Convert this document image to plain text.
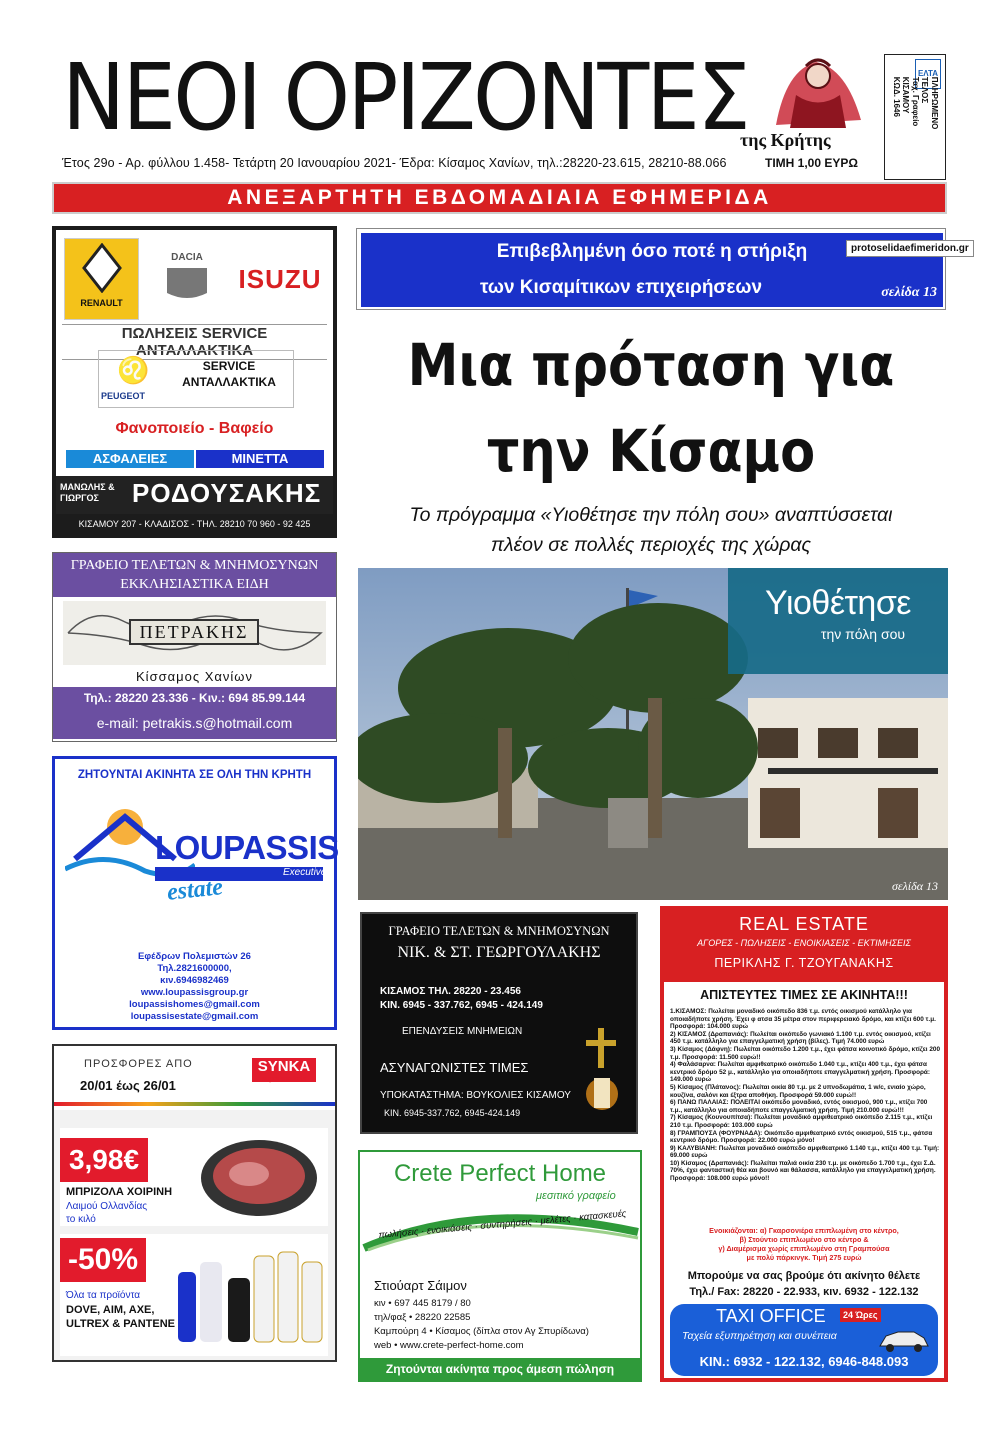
ΝΕΟΙ ΟΡΙΖΟΝΤΕΣ
της Κρήτης
ΕΛΤΑ
ΠΛΗΡΩΜΕΝΟ
ΤΕΛΟΣ
Ταχ. Γραφείο
ΚΙΣΑΜΟΥ
ΚΩΔ. 1646
Έτος 29ο - Αρ. φύλλου 1.458- Τετάρτη 20 Ιανουαρίου 2021- Έδρα: Κίσαμος Χανίων, τηλ.:28220-23.615, 28210-88.066	ΤΙΜΗ 1,00 ΕΥΡΩ
ΑΝΕΞΑΡΤΗΤΗ ΕΒΔΟΜΑΔΙΑΙΑ ΕΦΗΜΕΡΙΔΑ
Επιβεβλημένη όσο ποτέ η στήριξη
των Κισαμίτικων επιχειρήσεων	σελίδα 13
protoselidaefimeridon.gr
Μια πρόταση για
την Κίσαμο
Το πρόγραμμα «Υιοθέτησε την πόλη σου» αναπτύσσεται
πλέον σε πολλές περιοχές της χώρας
Υιοθέτησε
την πόλη σου
σελίδα 13
RENAULT
DACIA
ISUZU
ΠΩΛΗΣΕΙΣ SERVICE ΑΝΤΑΛΛΑΚΤΙΚΑ
♌
PEUGEOT
SERVICE
ΑΝΤΑΛΛΑΚΤΙΚΑ
Φανοποιείο - Βαφείο
ΑΣΦΑΛΕΙΕΣ	ΜΙΝΕΤΤΑ
ΜΑΝΩΛΗΣ & ΓΙΩΡΓΟΣ	ΡΟΔΟΥΣΑΚΗΣ
ΚΙΣΑΜΟΥ 207 - ΚΛΑΔΙΣΟΣ - ΤΗΛ. 28210 70 960 - 92 425
ΓΡΑΦΕΙΟ ΤΕΛΕΤΩΝ & ΜΝΗΜΟΣΥΝΩΝ
ΕΚΚΛΗΣΙΑΣΤΙΚΑ ΕΙΔΗ
ΠΕΤΡΑΚΗΣ
Κίσσαμος Χανίων
Τηλ.: 28220 23.336 - Κιν.: 694 85.99.144
e-mail: petrakis.s@hotmail.com
ΖΗΤΟΥΝΤΑΙ ΑΚΙΝΗΤΑ ΣΕ ΟΛΗ ΤΗΝ ΚΡΗΤΗ
LOUPASSIS
Executive
estate
Εφέδρων Πολεμιστών 26
Τηλ.2821600000,
κιν.6946982469
www.loupassisgroup.gr
loupassishomes@gmail.com
loupassisestate@gmail.com
ΠΡΟΣΦΟΡΕΣ ΑΠΟ
20/01 έως 26/01
SYNKA
super markets
3,98€
ΜΠΡΙΖΟΛΑ ΧΟΙΡΙΝΗ
Λαιμού Ολλανδίας
το κιλό
-50%
Όλα τα προϊόντα
DOVE, AIM, AXE,
ULTREX & PANTENE
ΓΡΑΦΕΙΟ ΤΕΛΕΤΩΝ & ΜΝΗΜΟΣΥΝΩΝ
ΝΙΚ. & ΣΤ. ΓΕΩΡΓΟΥΛΑΚΗΣ
ΚΙΣΑΜΟΣ ΤΗΛ. 28220 - 23.456
ΚΙΝ. 6945 - 337.762, 6945 - 424.149
ΕΠΕΝΔΥΣΕΙΣ ΜΝΗΜΕΙΩΝ
ΑΣΥΝΑΓΩΝΙΣΤΕΣ ΤΙΜΕΣ
ΥΠΟΚΑΤΑΣΤΗΜΑ: ΒΟΥΚΟΛΙΕΣ ΚΙΣΑΜΟΥ
ΚΙΝ. 6945-337.762, 6945-424.149
Crete Perfect Home
μεσιτικό γραφείο
πωλήσεις · ενοικιάσεις · συντηρήσεις · μελέτες · κατασκευές
Στιούαρτ Σάιμον
κιν • 697 445 8179 / 80
τηλ/φαξ • 28220 22585
Καμπούρη 4 • Κίσαμος (δίπλα στον Αγ Σπυρίδωνα)
web • www.crete-perfect-home.com
Ζητούνται ακίνητα προς άμεση πώληση
REAL ESTATE
ΑΓΟΡΕΣ - ΠΩΛΗΣΕΙΣ - ΕΝΟΙΚΙΑΣΕΙΣ - ΕΚΤΙΜΗΣΕΙΣ
ΠΕΡΙΚΛΗΣ Γ. ΤΖΟΥΓΑΝΑΚΗΣ
ΑΠΙΣΤΕΥΤΕΣ ΤΙΜΕΣ ΣΕ ΑΚΙΝΗΤΑ!!!
1.ΚΙΣΑΜΟΣ: Πωλείται μοναδικό οικόπεδο 836 τ.μ. εντός οικισμού κατάλληλο για οποιαδήποτε χρήση. Έχει φ ατσα 35 μέτρα στον περιφερειακό δρόμο, και κτίζει 600 τ.μ. Προσφορά: 104.000 ευρώ
2) ΚΙΣΑΜΟΣ (Δραπανιάς): Πωλείται οικόπεδο γωνιακό 1.100 τ.μ. εντός οικισμού, κτίζει 450 τ.μ. κατάλληλο για επαγγελματική χρήση (βίλες). Τιμή 74.000 ευρώ
3) Κίσαμος (Δάφνη): Πωλείται οικόπεδο 1.200 τ.μ., έχει φάτσα κοινοτικό δρόμο, κτίζει 200 τ.μ. Προσφορά: 11.500 ευρώ!!
4) Φαλάσαρνα: Πωλείται αμφιθεατρικό οικόπεδο 1.040 τ.μ., κτίζει 400 τ.μ., έχει φάτσα κεντρικό δρόμο 52 μ., κατάλληλο για οποιαδήποτε επαγγελματική χρήση. Προσφορά: 149.000 ευρώ
5) Κίσαμος (Πλάτανος): Πωλείται οικία 80 τ.μ. με 2 υπνοδωμάτια, 1 w/c, ενιαίο χώρο, κουζίνα, σαλόνι και έξτρα αποθήκη. Προσφορά 59.000 ευρώ!!
6) ΠΑΝΩ ΠΑΛΑΙΑΣ: ΠΟΛΕΙΤΑΙ οικόπεδο μοναδικό, εντός οικισμού, 900 τ.μ., κτίζει 700 τ.μ., κατάλληλο για οποιαδήποτε επαγγελματική χρήση. Τιμή 210.000 ευρώ!!!
7) Κίσαμος (Κουνουπίτσα): Πωλείται μοναδικό αμφιθεατρικό οικόπεδο 2.115 τ.μ., κτίζει 210 τ.μ. Προσφορά: 103.000 ευρώ
8) ΓΡΑΜΠΟΥΣΑ (ΦΟΥΡΝΑΔΑ): Οικόπεδο αμφιθεατρικό εντός οικισμού, 515 τ.μ., φάτσα κεντρικό δρόμο. Προσφορά: 22.000 ευρώ μόνο!
9) ΚΑΛΥΒΙΑΝΗ: Πωλείται μοναδικό οικόπεδο αμφιθεατρικό 1.140 τ.μ., κτίζει 400 τ.μ. Τιμή: 69.000 ευρώ
10) Κίσαμος (Δραπανιάς): Πωλείται παλιά οικία 230 τ.μ. με οικόπεδο 1.700 τ.μ., έχει Σ.Δ. 70%, έχει φανταστική θέα και βουνό και θάλασσα, κατάλληλο για επαγγελματική χρήση. Προσφορά: 108.000 ευρώ μόνο!!
Ενοικιάζονται: α) Γκαρσονιέρα επιπλωμένη στο κέντρο,
β) Στούντιο επιπλωμένο στο κέντρο &
γ) Διαμέρισμα χωρίς επιπλωμένο στη Γραμπούσα
με πολύ πάρκινγκ. Τιμή 275 ευρώ
Μπορούμε να σας βρούμε ότι ακίνητο θέλετε
Τηλ./ Fax: 28220 - 22.933, κιν. 6932 - 122.132
TAXI OFFICE	24 Ώρες
Ταχεία εξυπηρέτηση και συνέπεια
ΚΙΝ.: 6932 - 122.132, 6946-848.093
